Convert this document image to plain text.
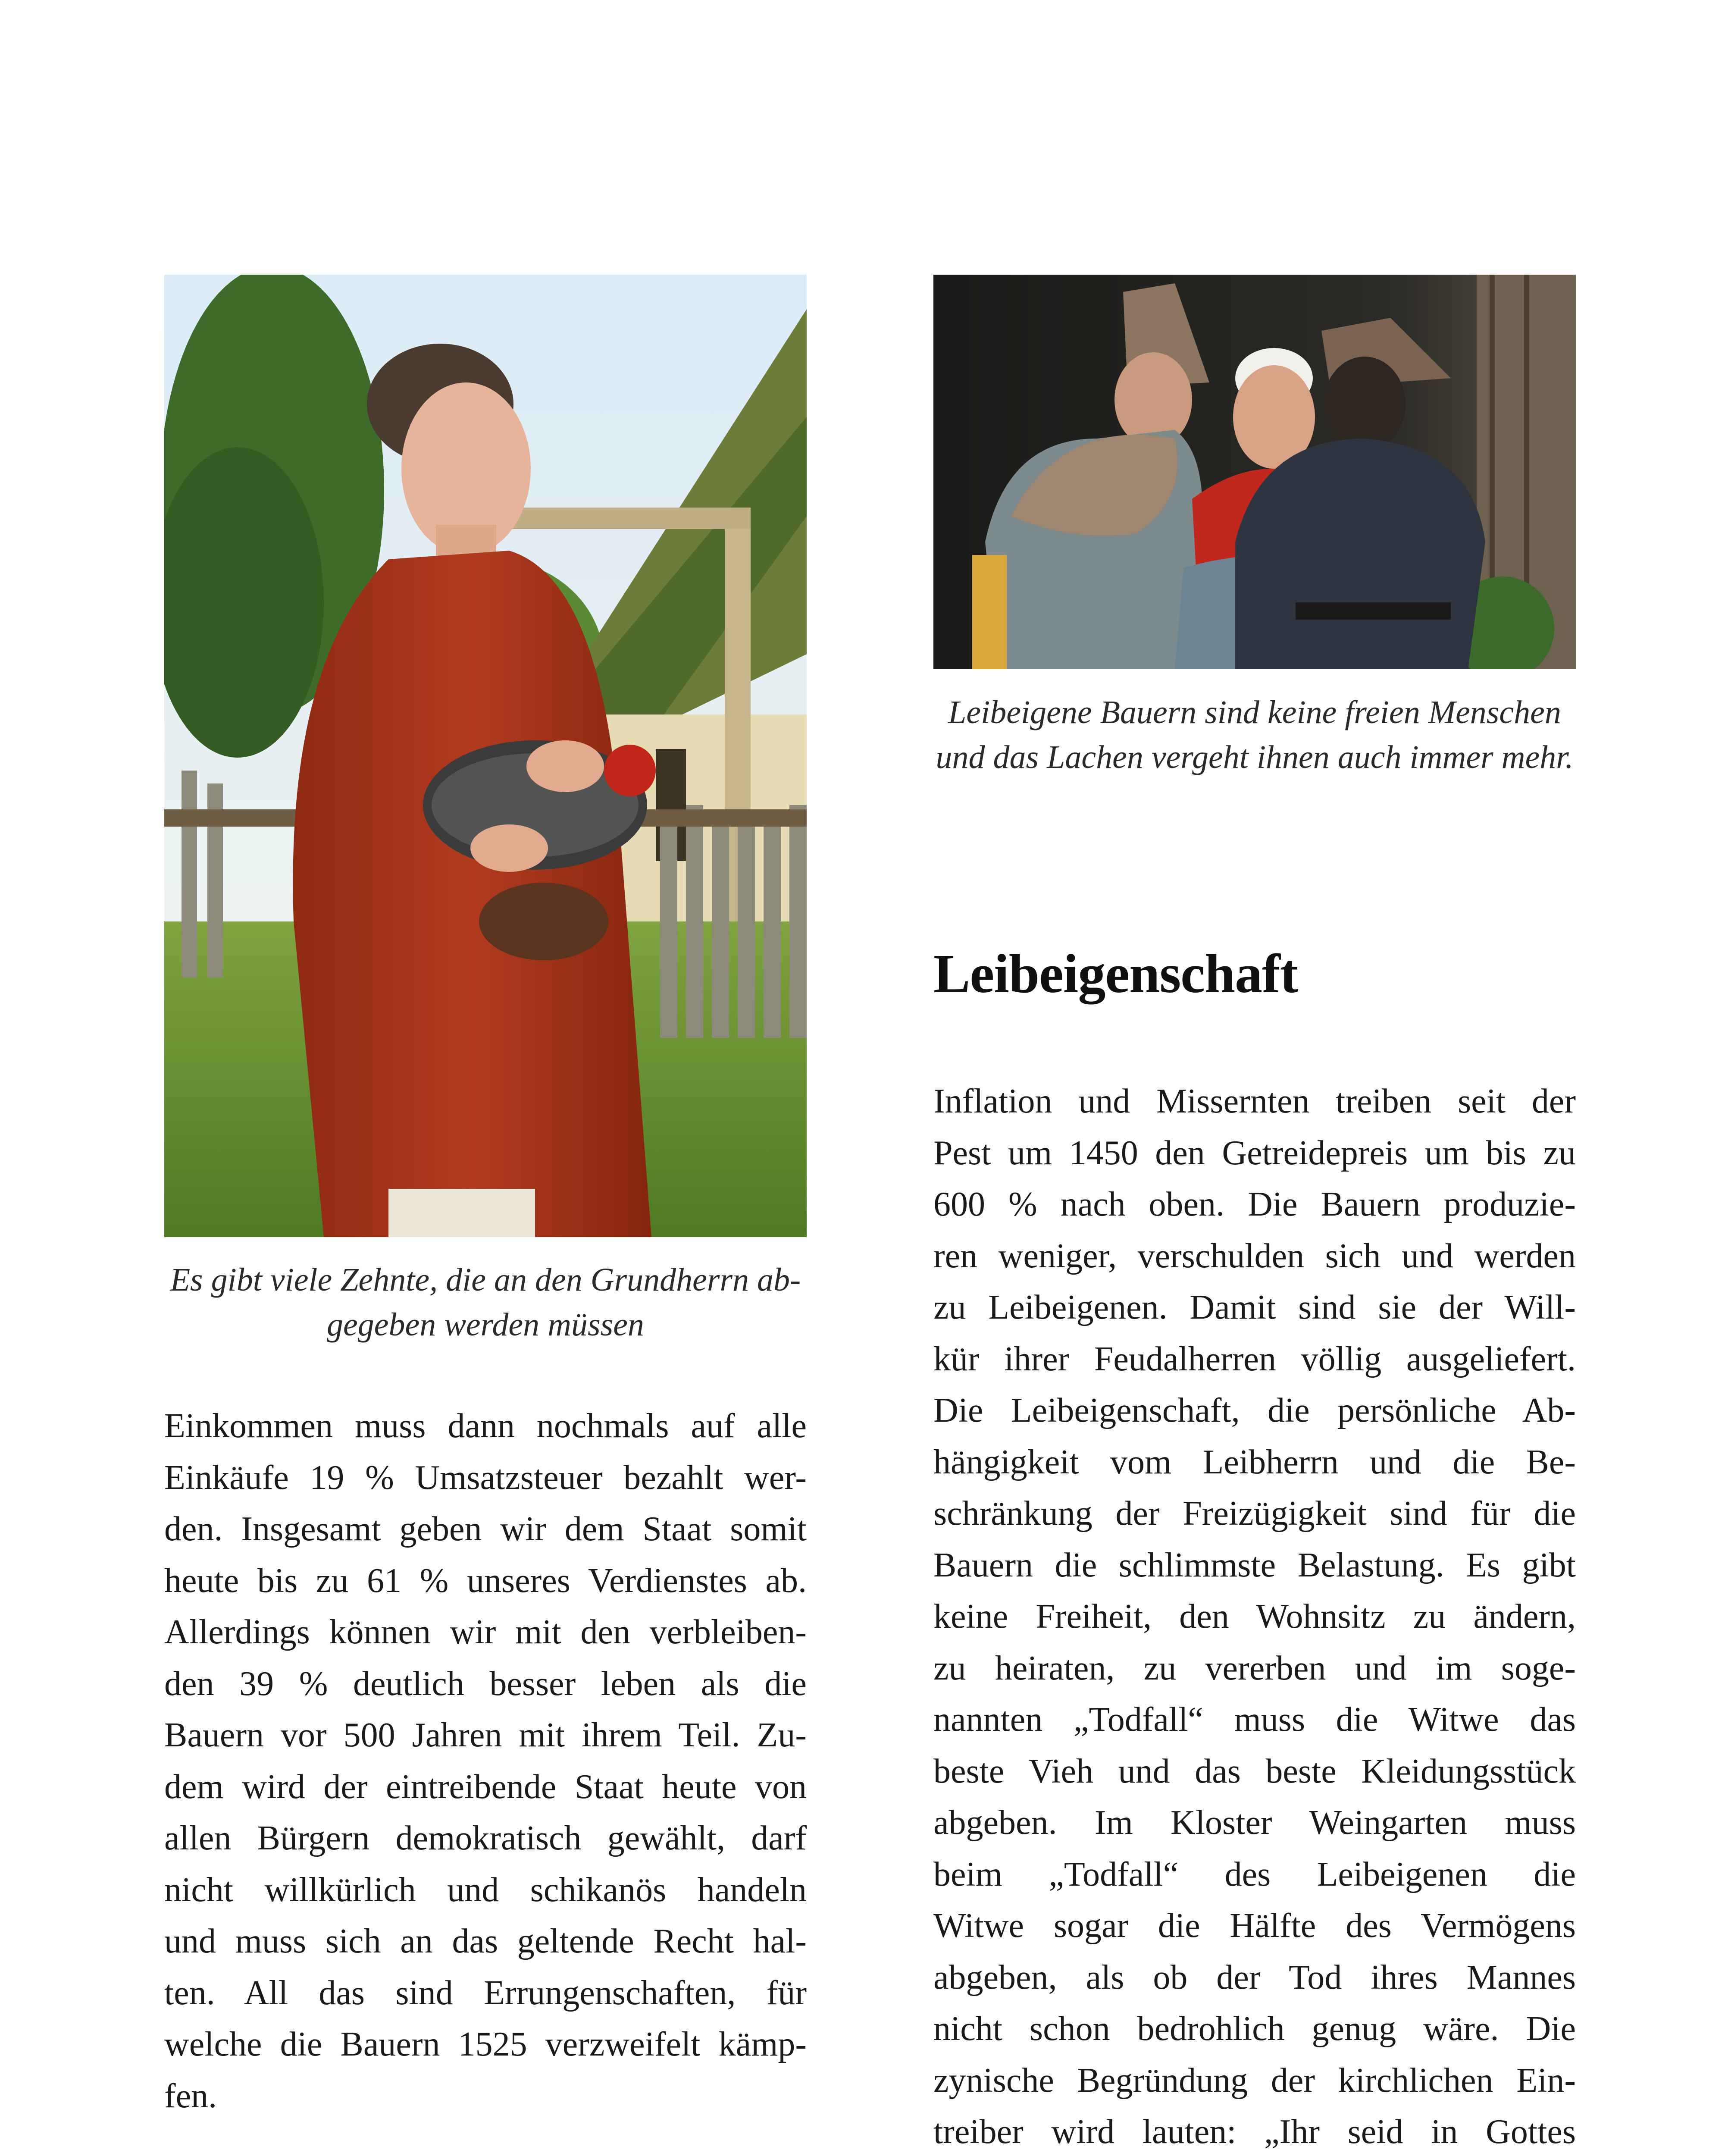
Leibeigene Bauern sind keine freien Menschen
und das Lachen vergeht ihnen auch immer mehr.
Es gibt viele Zehnte, die an den Grundherrn ab-
gegeben werden müssen
Leibeigenschaft
Einkommen muss dann nochmals auf alle
Einkäufe 19 % Umsatzsteuer bezahlt wer-
den. Insgesamt geben wir dem Staat somit
heute bis zu 61 % unseres Verdienstes ab.
Allerdings können wir mit den verbleiben-
den 39 % deutlich besser leben als die
Bauern vor 500 Jahren mit ihrem Teil. Zu-
dem wird der eintreibende Staat heute von
allen Bürgern demokratisch gewählt, darf
nicht willkürlich und schikanös handeln
und muss sich an das geltende Recht hal-
ten. All das sind Errungenschaften, für
welche die Bauern 1525 verzweifelt kämp-
fen.
Inflation und Missernten treiben seit der
Pest um 1450 den Getreidepreis um bis zu
600 % nach oben. Die Bauern produzie-
ren weniger, verschulden sich und werden
zu Leibeigenen. Damit sind sie der Will-
kür ihrer Feudalherren völlig ausgeliefert.
Die Leibeigenschaft, die persönliche Ab-
hängigkeit vom Leibherrn und die Be-
schränkung der Freizügigkeit sind für die
Bauern die schlimmste Belastung. Es gibt
keine Freiheit, den Wohnsitz zu ändern,
zu heiraten, zu vererben und im soge-
nannten „Todfall“ muss die Witwe das
beste Vieh und das beste Kleidungsstück
abgeben. Im Kloster Weingarten muss
beim „Todfall“ des Leibeigenen die
Witwe sogar die Hälfte des Vermögens
abgeben, als ob der Tod ihres Mannes
nicht schon bedrohlich genug wäre. Die
zynische Begründung der kirchlichen Ein-
treiber wird lauten: „Ihr seid in Gottes
